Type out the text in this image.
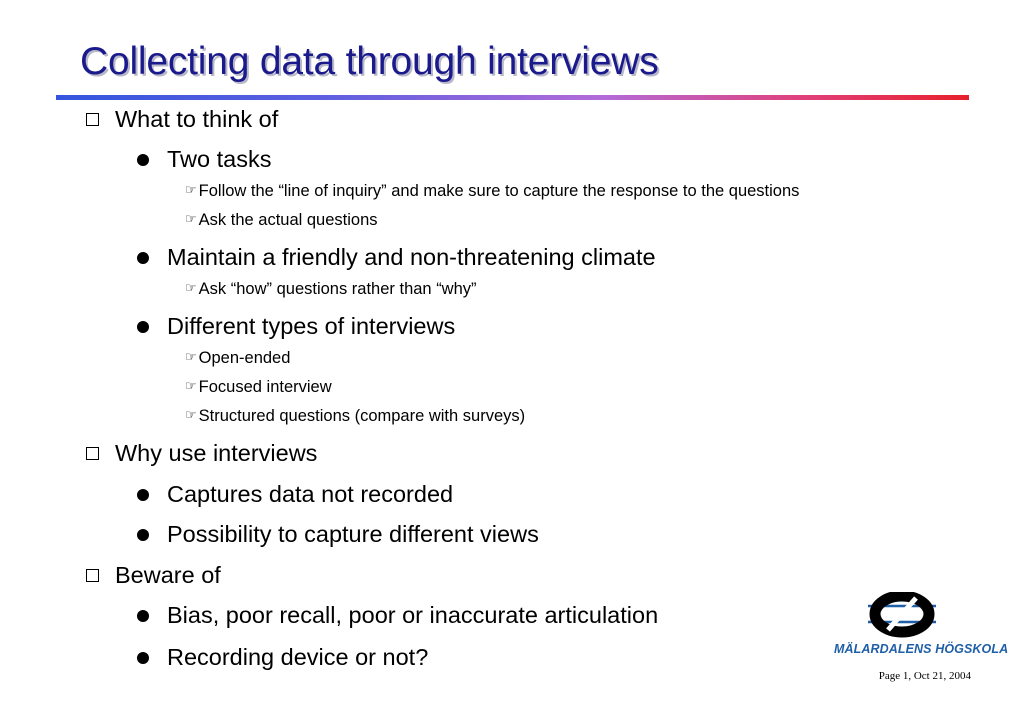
Collecting data through interviews
What to think of
Two tasks
☞ Follow the “line of inquiry” and make sure to capture the response to the questions
☞ Ask the actual questions
Maintain a friendly and non-threatening climate
☞ Ask “how” questions rather than “why”
Different types of interviews
☞ Open-ended
☞ Focused interview
☞ Structured questions (compare with surveys)
Why use interviews
Captures data not recorded
Possibility to capture different views
Beware of
Bias, poor recall, poor or inaccurate articulation
Recording device or not?	MÄLARDALENS HÖGSKOLA
Page 1, Oct 21, 2004
